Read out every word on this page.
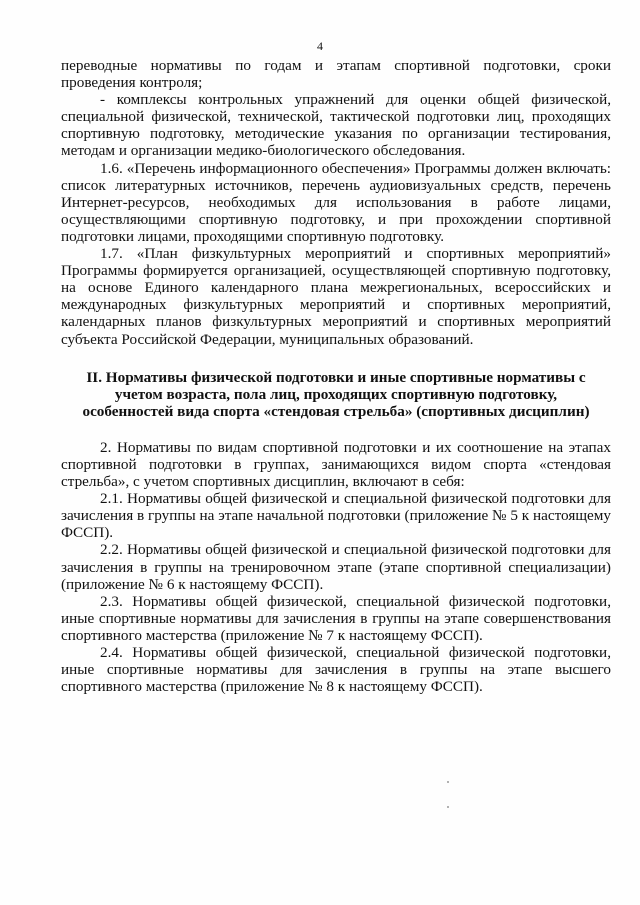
4

переводные нормативы по годам и этапам спортивной подготовки, сроки проведения контроля;

- комплексы контрольных упражнений для оценки общей физической, специальной физической, технической, тактической подготовки лиц, проходящих спортивную подготовку, методические указания по организации тестирования, методам и организации медико-биологического обследования.

1.6. «Перечень информационного обеспечения» Программы должен включать: список литературных источников, перечень аудиовизуальных средств, перечень Интернет-ресурсов, необходимых для использования в работе лицами, осуществляющими спортивную подготовку, и при прохождении спортивной подготовки лицами, проходящими спортивную подготовку.

1.7. «План физкультурных мероприятий и спортивных мероприятий» Программы формируется организацией, осуществляющей спортивную подготовку, на основе Единого календарного плана межрегиональных, всероссийских и международных физкультурных мероприятий и спортивных мероприятий, календарных планов физкультурных мероприятий и спортивных мероприятий субъекта Российской Федерации, муниципальных образований.

II. Нормативы физической подготовки и иные спортивные нормативы с учетом возраста, пола лиц, проходящих спортивную подготовку, особенностей вида спорта «стендовая стрельба» (спортивных дисциплин)

2. Нормативы по видам спортивной подготовки и их соотношение на этапах спортивной подготовки в группах, занимающихся видом спорта «стендовая стрельба», с учетом спортивных дисциплин, включают в себя:

2.1. Нормативы общей физической и специальной физической подготовки для зачисления в группы на этапе начальной подготовки (приложение № 5 к настоящему ФССП).

2.2. Нормативы общей физической и специальной физической подготовки для зачисления в группы на тренировочном этапе (этапе спортивной специализации) (приложение № 6 к настоящему ФССП).

2.3. Нормативы общей физической, специальной физической подготовки, иные спортивные нормативы для зачисления в группы на этапе совершенствования спортивного мастерства (приложение № 7 к настоящему ФССП).

2.4. Нормативы общей физической, специальной физической подготовки, иные спортивные нормативы для зачисления в группы на этапе высшего спортивного мастерства (приложение № 8 к настоящему ФССП).
